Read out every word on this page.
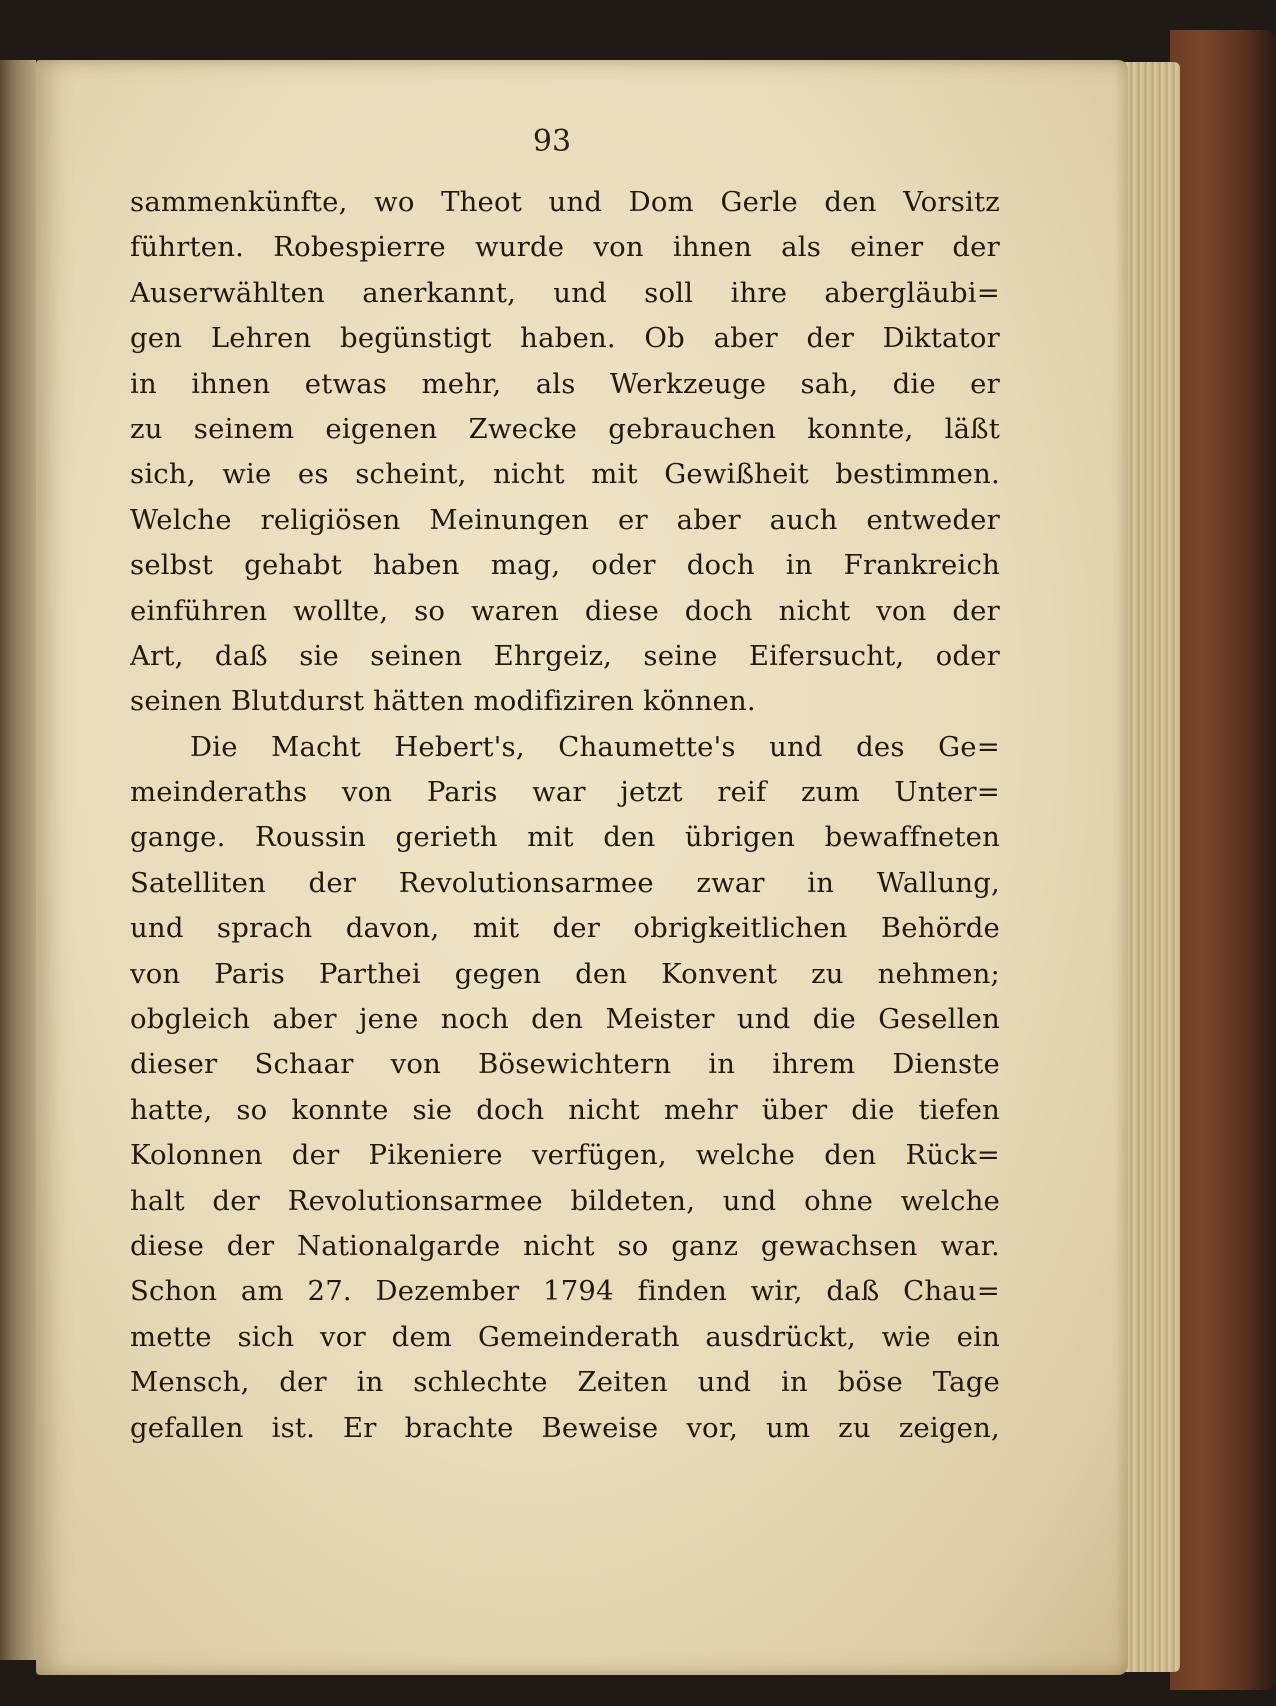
93
sammenkünfte, wo Theot und Dom Gerle den Vorsitz
führten. Robespierre wurde von ihnen als einer der
Auserwählten anerkannt, und soll ihre abergläubi=
gen Lehren begünstigt haben. Ob aber der Diktator
in ihnen etwas mehr, als Werkzeuge sah, die er
zu seinem eigenen Zwecke gebrauchen konnte, läßt
sich, wie es scheint, nicht mit Gewißheit bestimmen.
Welche religiösen Meinungen er aber auch entweder
selbst gehabt haben mag, oder doch in Frankreich
einführen wollte, so waren diese doch nicht von der
Art, daß sie seinen Ehrgeiz, seine Eifersucht, oder
seinen Blutdurst hätten modifiziren können.
Die Macht Hebert's, Chaumette's und des Ge=
meinderaths von Paris war jetzt reif zum Unter=
gange. Roussin gerieth mit den übrigen bewaffneten
Satelliten der Revolutionsarmee zwar in Wallung,
und sprach davon, mit der obrigkeitlichen Behörde
von Paris Parthei gegen den Konvent zu nehmen;
obgleich aber jene noch den Meister und die Gesellen
dieser Schaar von Bösewichtern in ihrem Dienste
hatte, so konnte sie doch nicht mehr über die tiefen
Kolonnen der Pikeniere verfügen, welche den Rück=
halt der Revolutionsarmee bildeten, und ohne welche
diese der Nationalgarde nicht so ganz gewachsen war.
Schon am 27. Dezember 1794 finden wir, daß Chau=
mette sich vor dem Gemeinderath ausdrückt, wie ein
Mensch, der in schlechte Zeiten und in böse Tage
gefallen ist. Er brachte Beweise vor, um zu zeigen,
